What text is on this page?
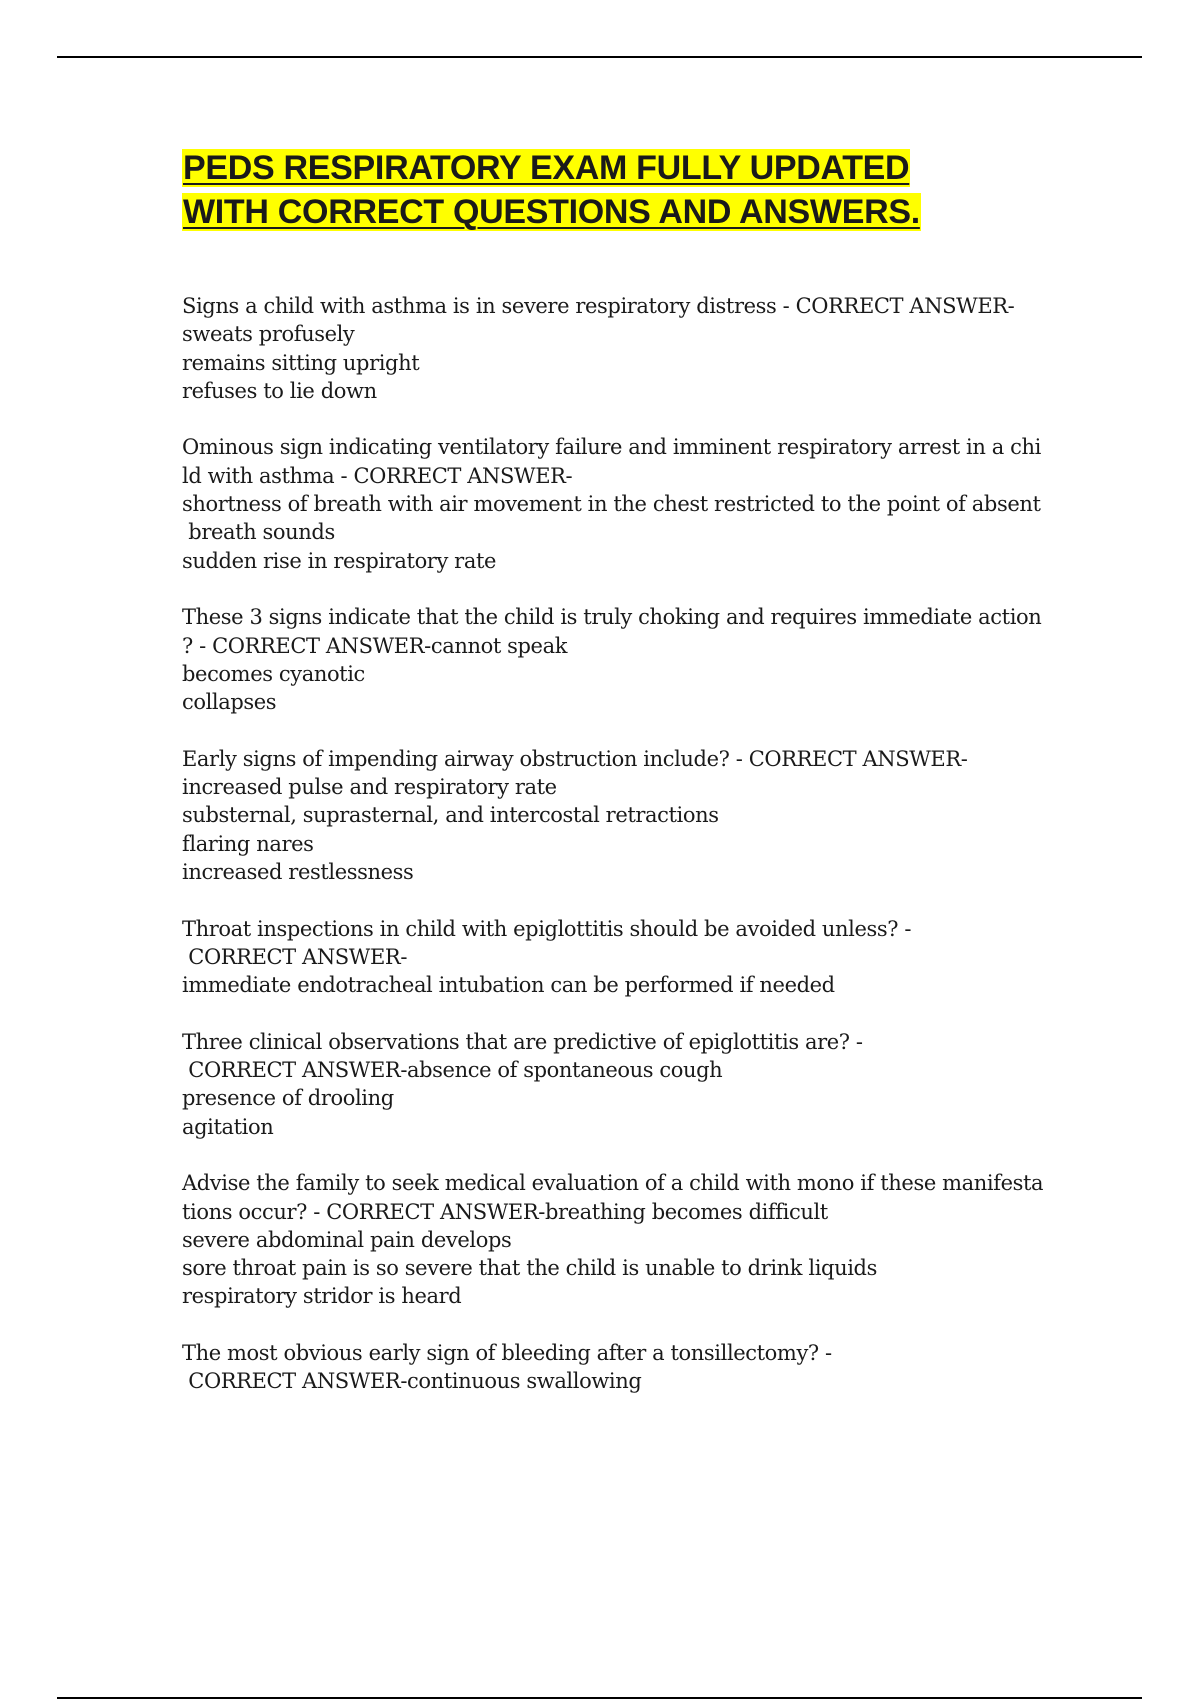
PEDS RESPIRATORY EXAM FULLY UPDATED
WITH CORRECT QUESTIONS AND ANSWERS.
Signs a child with asthma is in severe respiratory distress - CORRECT ANSWER-
sweats profusely
remains sitting upright
refuses to lie down
Ominous sign indicating ventilatory failure and imminent respiratory arrest in a chi
ld with asthma - CORRECT ANSWER-
shortness of breath with air movement in the chest restricted to the point of absent
breath sounds
sudden rise in respiratory rate
These 3 signs indicate that the child is truly choking and requires immediate action
? - CORRECT ANSWER-cannot speak
becomes cyanotic
collapses
Early signs of impending airway obstruction include? - CORRECT ANSWER-
increased pulse and respiratory rate
substernal, suprasternal, and intercostal retractions
flaring nares
increased restlessness
Throat inspections in child with epiglottitis should be avoided unless? -
CORRECT ANSWER-
immediate endotracheal intubation can be performed if needed
Three clinical observations that are predictive of epiglottitis are? -
CORRECT ANSWER-absence of spontaneous cough
presence of drooling
agitation
Advise the family to seek medical evaluation of a child with mono if these manifesta
tions occur? - CORRECT ANSWER-breathing becomes difficult
severe abdominal pain develops
sore throat pain is so severe that the child is unable to drink liquids
respiratory stridor is heard
The most obvious early sign of bleeding after a tonsillectomy? -
CORRECT ANSWER-continuous swallowing
